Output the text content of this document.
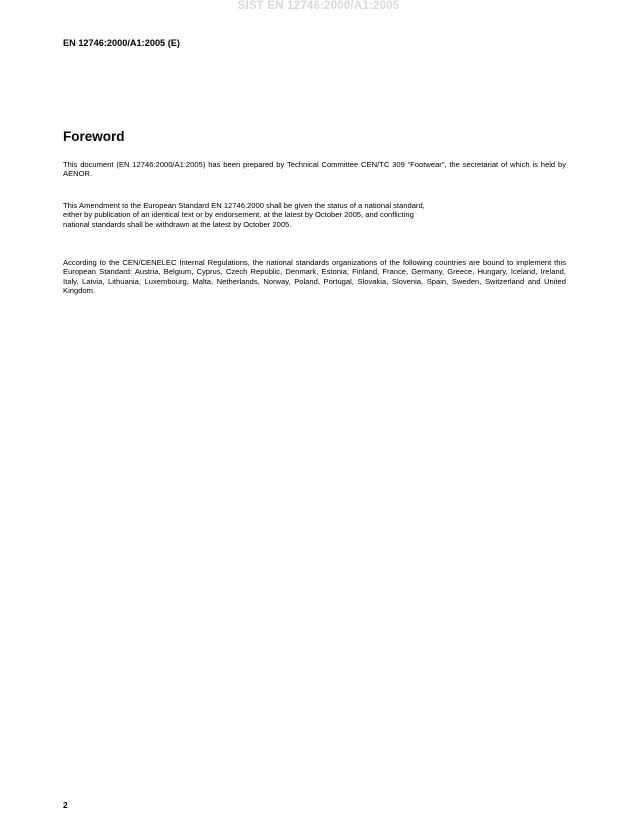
SIST EN 12746:2000/A1:2005
EN 12746:2000/A1:2005 (E)
Foreword

This document (EN 12746:2000/A1:2005) has been prepared by Technical Committee CEN/TC 309 “Footwear”, the secretariat of which is held by AENOR.

This Amendment to the European Standard EN 12746:2000 shall be given the status of a national standard,
either by publication of an identical text or by endorsement, at the latest by October 2005, and conflicting
national standards shall be withdrawn at the latest by October 2005.

According to the CEN/CENELEC Internal Regulations, the national standards organizations of the following countries are bound to implement this European Standard: Austria, Belgium, Cyprus, Czech Republic, Denmark, Estonia, Finland, France, Germany, Greece, Hungary, Iceland, Ireland, Italy, Latvia, Lithuania, Luxembourg, Malta, Netherlands, Norway, Poland, Portugal, Slovakia, Slovenia, Spain, Sweden, Switzerland and United Kingdom.

2
